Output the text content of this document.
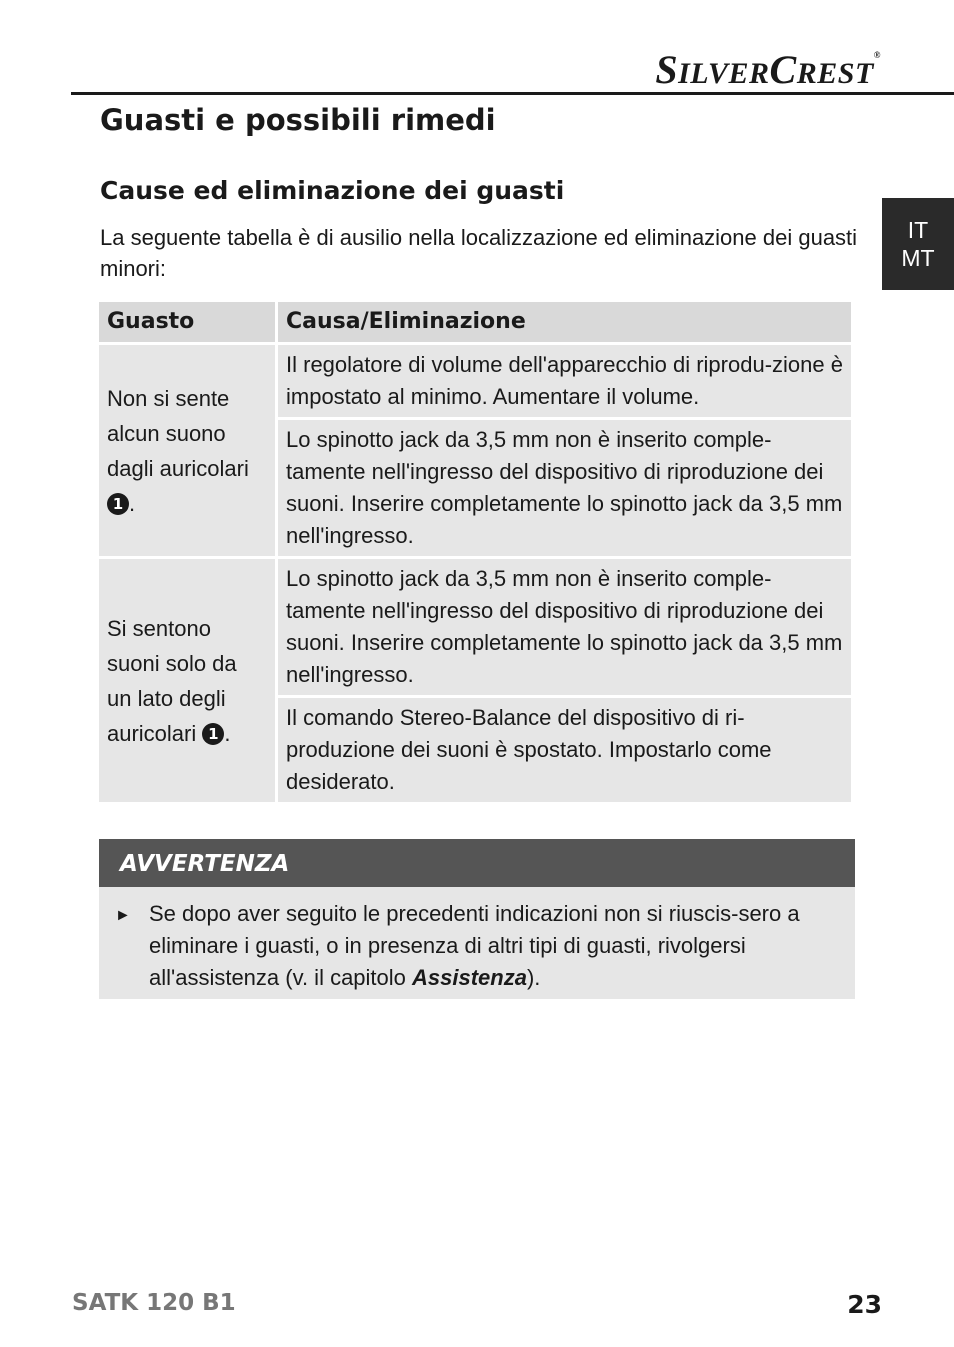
SILVERCREST®
IT
MT
Guasti e possibili rimedi
Cause ed eliminazione dei guasti

La seguente tabella è di ausilio nella localizzazione ed eliminazione dei guasti minori:

Guasto	Causa/Eliminazione
Non si sente alcun suono dagli auricolari 1 .	Il regolatore di volume dell'apparecchio di riprodu-zione è impostato al minimo. Aumentare il volume.
	Lo spinotto jack da 3,5 mm non è inserito comple-tamente nell'ingresso del dispositivo di riproduzione dei suoni. Inserire completamente lo spinotto jack da 3,5 mm nell'ingresso.
Si sentono suoni solo da un lato degli auricolari 1 .	Lo spinotto jack da 3,5 mm non è inserito comple-tamente nell'ingresso del dispositivo di riproduzione dei suoni. Inserire completamente lo spinotto jack da 3,5 mm nell'ingresso.
	Il comando Stereo-Balance del dispositivo di ri-produzione dei suoni è spostato. Impostarlo come desiderato.
AVVERTENZA
► Se dopo aver seguito le precedenti indicazioni non si riuscis-sero a eliminare i guasti, o in presenza di altri tipi di guasti, rivolgersi all'assistenza (v. il capitolo Assistenza).
SATK 120 B1	23
